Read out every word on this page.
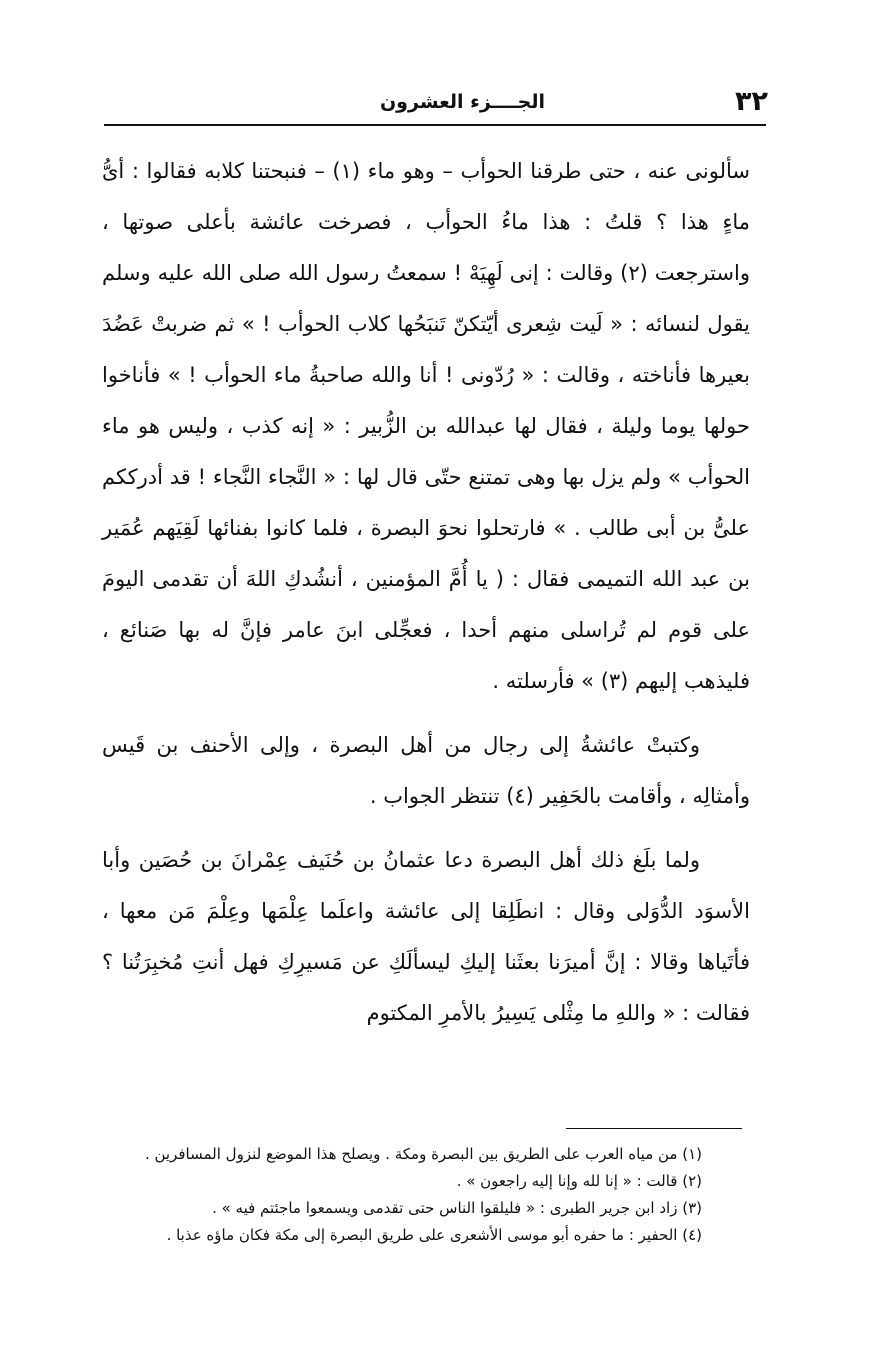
٣٢
الجــــزء العشرون

سألونى عنه ، حتى طرقنا الحوأب – وهو ماء (١) – فنبحتنا كلابه فقالوا : أىُّ ماءٍ هذا ؟ قلتُ : هذا ماءُ الحوأب ، فصرخت عائشة بأعلى صوتها ، واسترجعت (٢) وقالت : إنى لَهِيَهْ ! سمعتُ رسول الله صلى الله عليه وسلم يقول لنسائه : « لَيت شِعرى أيّتكنّ تَنبَحُها كلاب الحوأب ! » ثم ضربتْ عَضُدَ بعيرها فأناخته ، وقالت : « رُدّونى ! أنا والله صاحبةُ ماء الحوأب ! » فأناخوا حولها يوما وليلة ، فقال لها عبدالله بن الزُّبير : « إنه كذب ، وليس هو ماء الحوأب » ولم يزل بها وهى تمتنع حتّى قال لها : « النَّجاء النَّجاء ! قد أدرككم علىُّ بن أبى طالب . » فارتحلوا نحوَ البصرة ، فلما كانوا بفنائها لَقِيَهم عُمَير بن عبد الله التميمى فقال : ( يا أُمَّ المؤمنين ، أنشُدكِ اللهَ أن تقدمى اليومَ على قوم لم تُراسلى منهم أحدا ، فعجِّلى ابنَ عامر فإنَّ له بها صَنائع ، فليذهب إليهم (٣) » فأرسلته .

وكتبتْ عائشةُ إلى رجال من أهل البصرة ، وإلى الأحنف بن قَيس وأمثالِه ، وأقامت بالحَفِير (٤) تنتظر الجواب .

ولما بلَغ ذلك أهل البصرة دعا عثمانُ بن حُنَيف عِمْرانَ بن حُصَين وأبا الأسوَد الدُّوَلى وقال : انطَلِقا إلى عائشة واعلَما عِلْمَها وعِلْمَ مَن معها ، فأتَياها وقالا : إنَّ أميرَنا بعثَنا إليكِ ليسألَكِ عن مَسيرِكِ فهل أنتِ مُخبِرَتُنا ؟ فقالت : « واللهِ ما مِثْلى يَسِيرُ بالأمرِ المكتوم

(١) من مياه العرب على الطريق بين البصرة ومكة . ويصلح هذا الموضع لنزول المسافرين .

(٢) قالت : « إنا لله وإنا إليه راجعون » .

(٣) زاد ابن جرير الطبرى : « فليلقوا الناس حتى تقدمى ويسمعوا ماجئتم فيه » .

(٤) الحفير : ما حفره أبو موسى الأشعرى على طريق البصرة إلى مكة فكان ماؤه عذبا .
